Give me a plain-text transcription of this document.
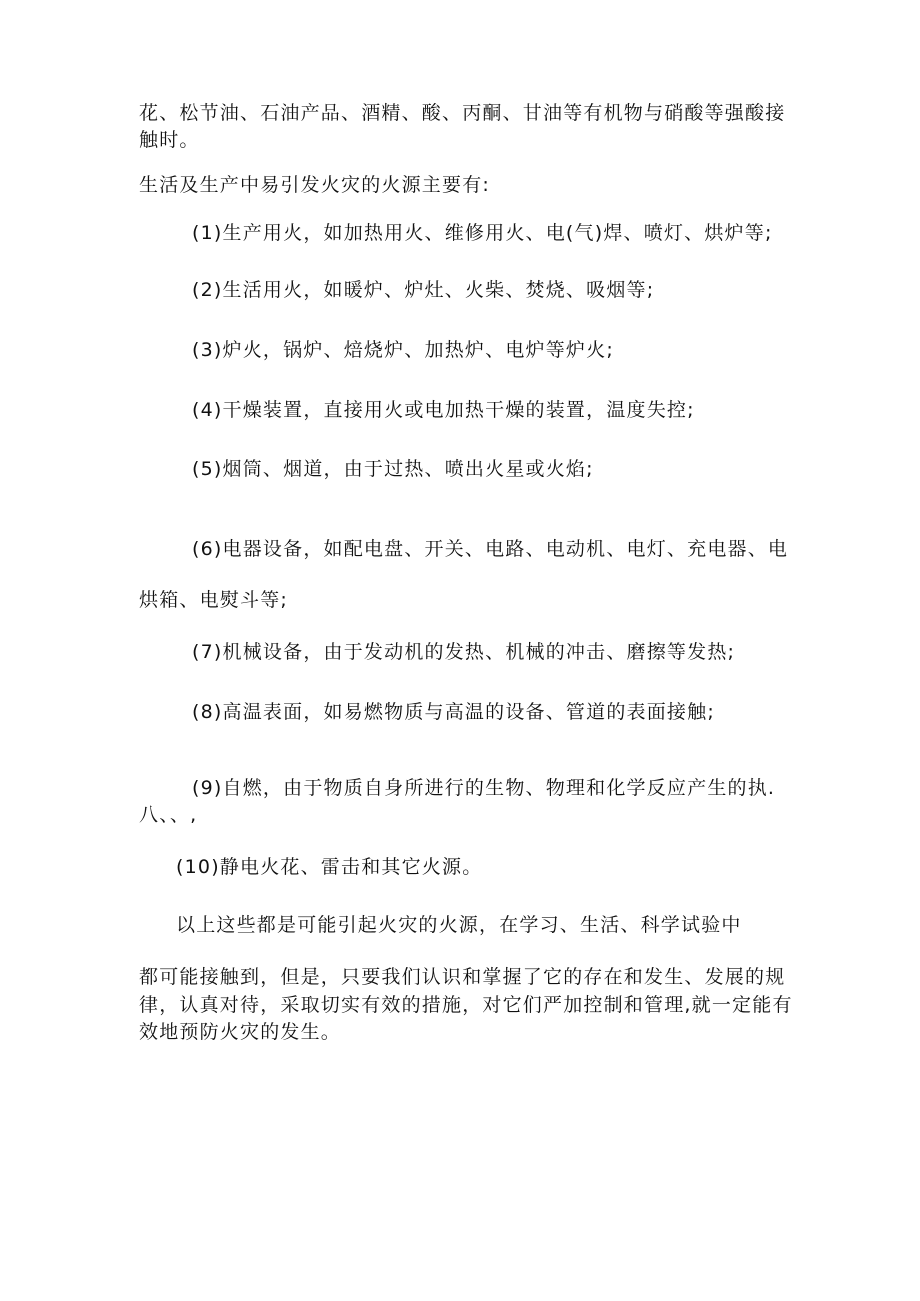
花、松节油、石油产品、酒精、酸、丙酮、甘油等有机物与硝酸等强酸接

触时。

生活及生产中易引发火灾的火源主要有:

(1)生产用火，如加热用火、维修用火、电(气)焊、喷灯、烘炉等;

(2)生活用火，如暖炉、炉灶、火柴、焚烧、吸烟等;

(3)炉火，锅炉、焙烧炉、加热炉、电炉等炉火;

(4)干燥装置，直接用火或电加热干燥的装置，温度失控;

(5)烟筒、烟道，由于过热、喷出火星或火焰;

(6)电器设备，如配电盘、开关、电路、电动机、电灯、充电器、电

烘箱、电熨斗等;

(7)机械设备，由于发动机的发热、机械的冲击、磨擦等发热;

(8)高温表面，如易燃物质与高温的设备、管道的表面接触;

(9)自燃，由于物质自身所进行的生物、物理和化学反应产生的执.

八、、,

(10)静电火花、雷击和其它火源。

以上这些都是可能引起火灾的火源，在学习、生活、科学试验中

都可能接触到，但是，只要我们认识和掌握了它的存在和发生、发展的规

律，认真对待，采取切实有效的措施，对它们严加控制和管理,就一定能有

效地预防火灾的发生。
